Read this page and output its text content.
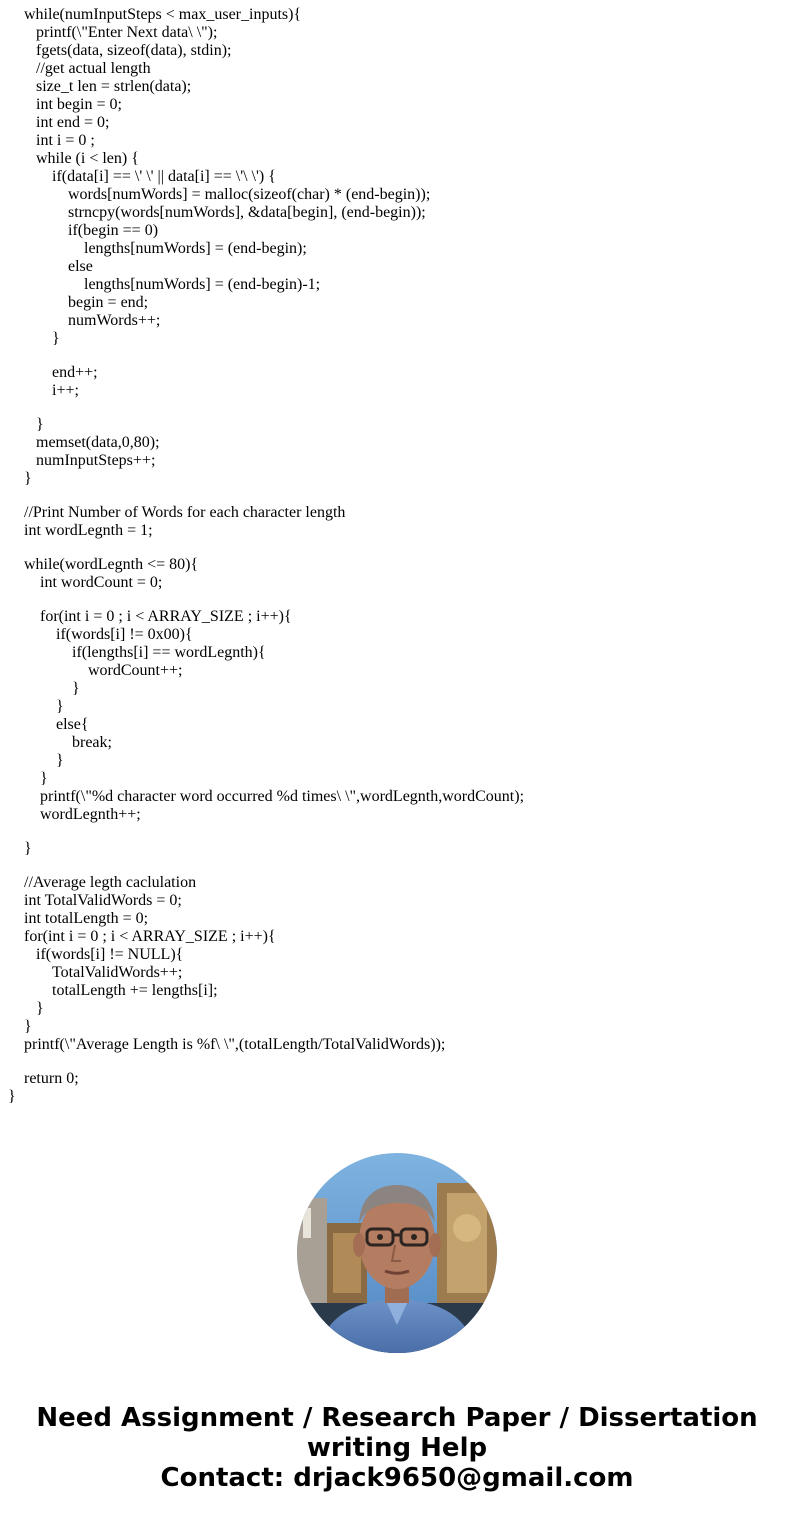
while(numInputSteps < max_user_inputs){
printf(\"Enter Next data\ \");
fgets(data, sizeof(data), stdin);
//get actual length
size_t len = strlen(data);
int begin = 0;
int end = 0;
int i = 0 ;
while (i < len) {
if(data[i] == \' \' || data[i] == \'\ \') {
words[numWords] = malloc(sizeof(char) * (end-begin));
strncpy(words[numWords], &data[begin], (end-begin));
if(begin == 0)
lengths[numWords] = (end-begin);
else
lengths[numWords] = (end-begin)-1;
begin = end;
numWords++;
}
end++;
i++;
}
memset(data,0,80);
numInputSteps++;
}
//Print Number of Words for each character length
int wordLegnth = 1;
while(wordLegnth <= 80){
int wordCount = 0;
for(int i = 0 ; i < ARRAY_SIZE ; i++){
if(words[i] != 0x00){
if(lengths[i] == wordLegnth){
wordCount++;
}
}
else{
break;
}
}
printf(\"%d character word occurred %d times\ \",wordLegnth,wordCount);
wordLegnth++;
}
//Average legth caclulation
int TotalValidWords = 0;
int totalLength = 0;
for(int i = 0 ; i < ARRAY_SIZE ; i++){
if(words[i] != NULL){
TotalValidWords++;
totalLength += lengths[i];
}
}
printf(\"Average Length is %f\ \",(totalLength/TotalValidWords));
return 0;
}
Need Assignment / Research Paper / Dissertation
writing Help
Contact: drjack9650@gmail.com
